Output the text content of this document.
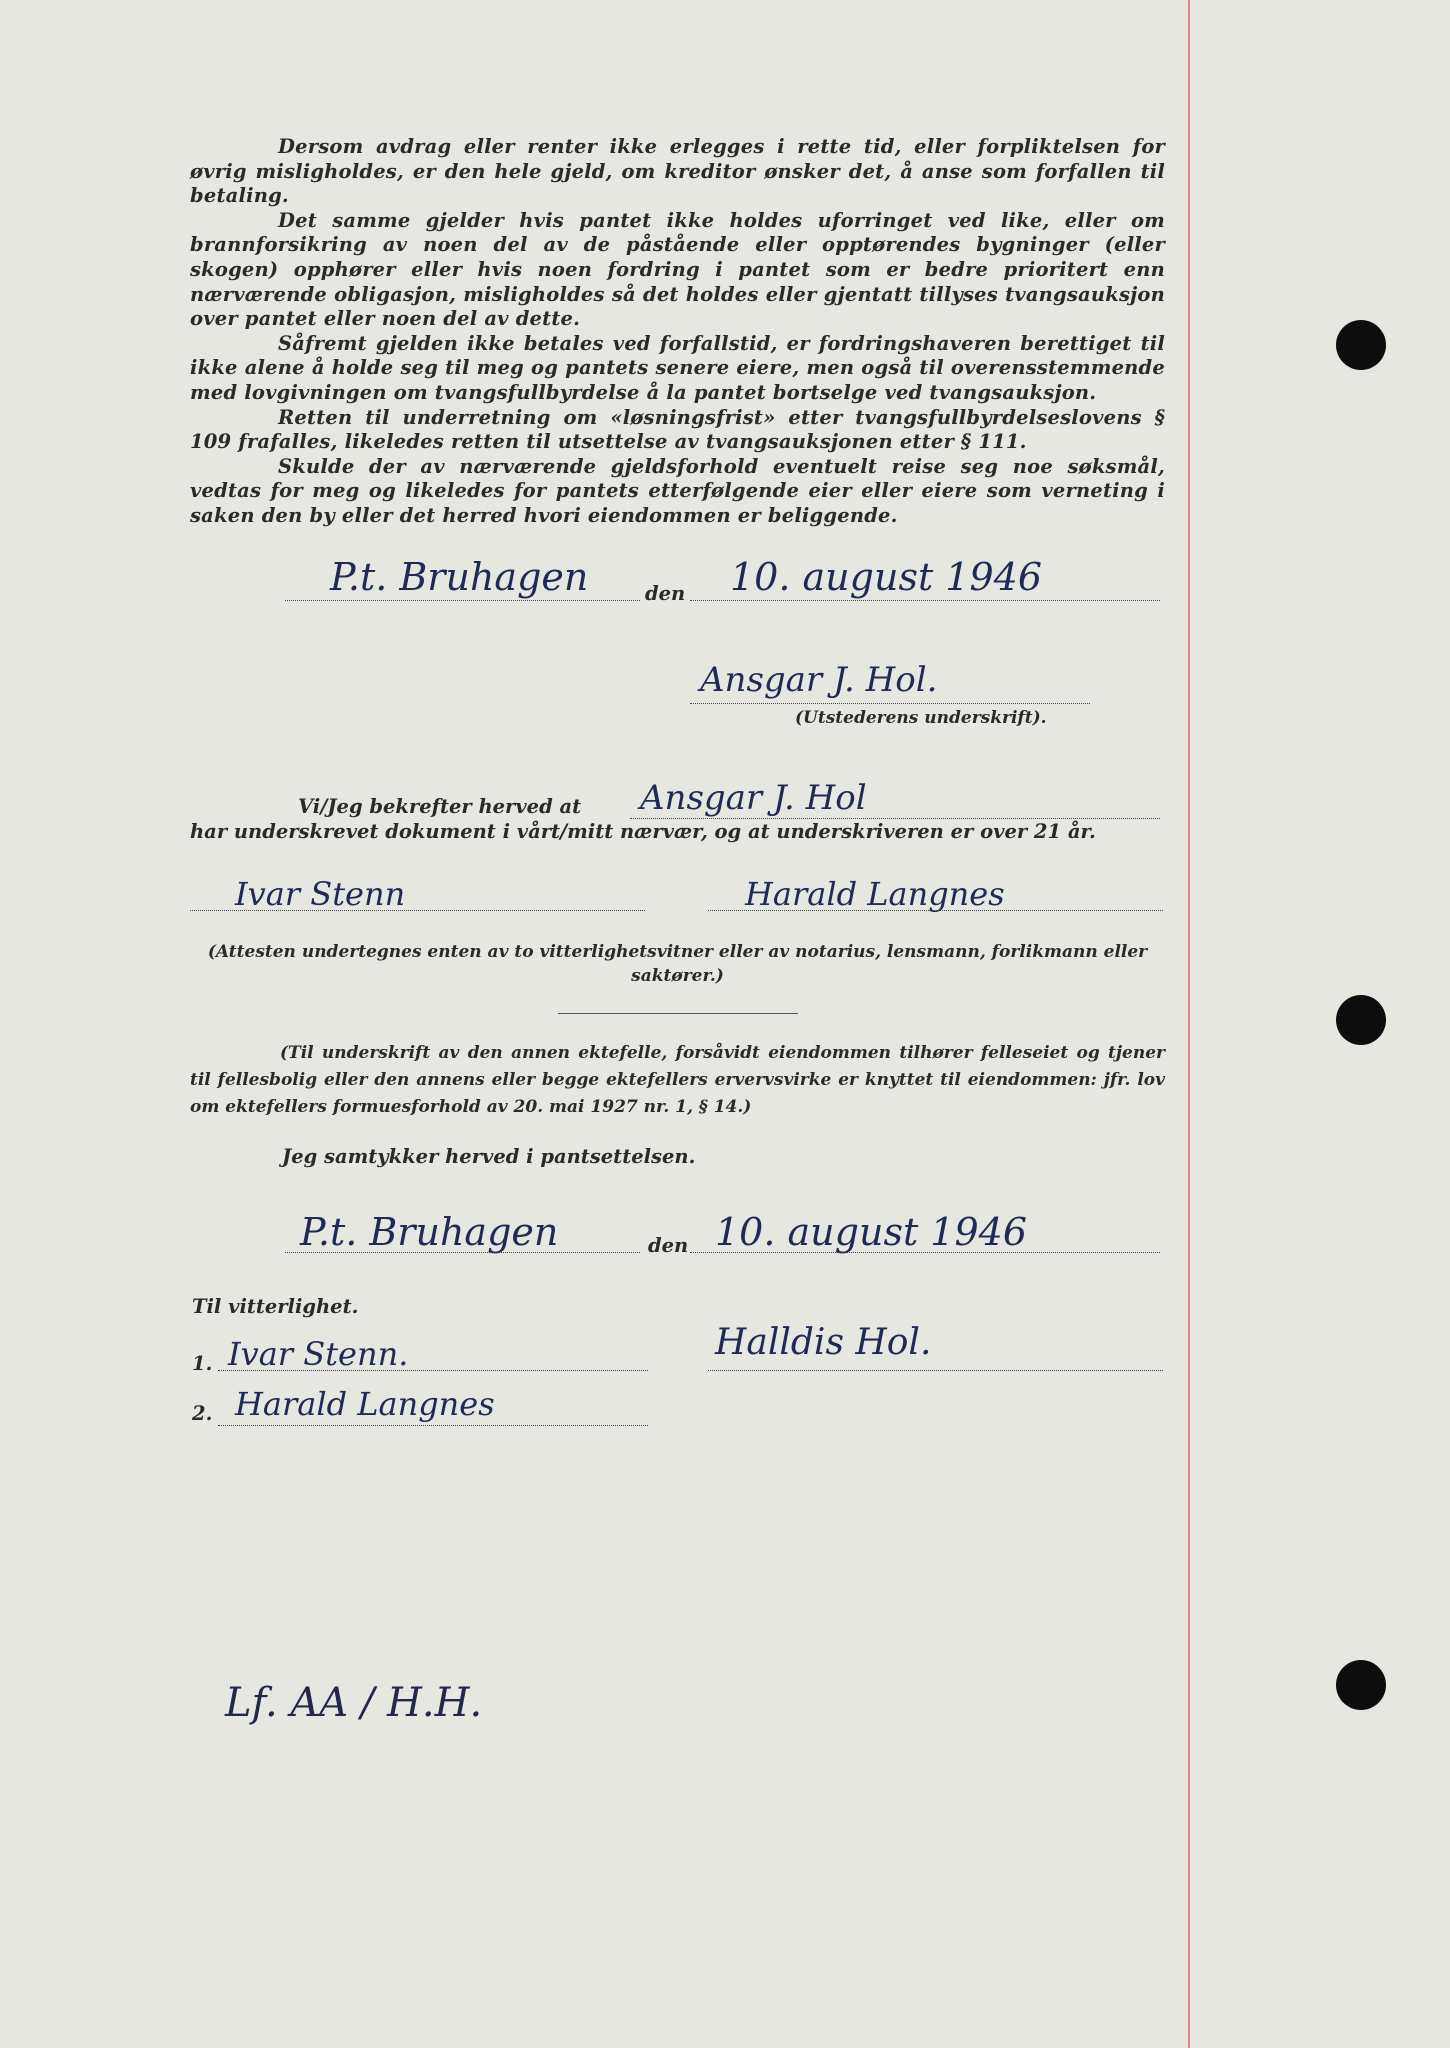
Dersom avdrag eller renter ikke erlegges i rette tid, eller forpliktelsen for øvrig misligholdes, er den hele gjeld, om kreditor ønsker det, å anse som forfallen til betaling.

Det samme gjelder hvis pantet ikke holdes uforringet ved like, eller om brannforsikring av noen del av de påstående eller opptørendes bygninger (eller skogen) opphører eller hvis noen fordring i pantet som er bedre prioritert enn nærværende obligasjon, misligholdes så det holdes eller gjentatt tillyses tvangsauksjon over pantet eller noen del av dette.

Såfremt gjelden ikke betales ved forfallstid, er fordringshaveren berettiget til ikke alene å holde seg til meg og pantets senere eiere, men også til overensstemmende med lovgivningen om tvangsfullbyrdelse å la pantet bortselge ved tvangsauksjon.

Retten til underretning om «løsningsfrist» etter tvangsfullbyrdelseslovens § 109 frafalles, likeledes retten til utsettelse av tvangsauksjonen etter § 111.

Skulde der av nærværende gjeldsforhold eventuelt reise seg noe søksmål, vedtas for meg og likeledes for pantets etterfølgende eier eller eiere som verneting i saken den by eller det herred hvori eiendommen er beliggende.

P.t. Bruhagen	den 10. august 1946
Ansgar J. Hol.
(Utstederens underskrift).
Vi/Jeg bekrefter herved at Ansgar J. Hol
har underskrevet dokument i vårt/mitt nærvær, og at underskriveren er over 21 år.
Ivar Stenn	Harald Langnes
(Attesten undertegnes enten av to vitterlighetsvitner eller av notarius, lensmann, forlikmann eller saktører.)
(Til underskrift av den annen ektefelle, forsåvidt eiendommen tilhører felleseiet og tjener til fellesbolig eller den annens eller begge ektefellers ervervsvirke er knyttet til eiendommen: jfr. lov om ektefellers formuesforhold av 20. mai 1927 nr. 1, § 14.)
Jeg samtykker herved i pantsettelsen.
P.t. Bruhagen	den 10. august 1946
Til vitterlighet.
1. Ivar Stenn.	Halldis Hol.
2. Harald Langnes
Lf. AA / H.H.
